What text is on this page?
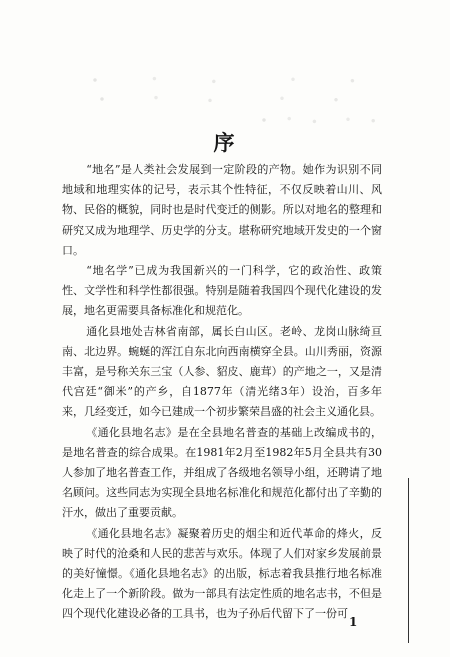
序

“地名”是人类社会发展到一定阶段的产物。她作为识别不同地域和地理实体的记号，表示其个性特征，不仅反映着山川、风物、民俗的概貌，同时也是时代变迁的侧影。所以对地名的整理和研究又成为地理学、历史学的分支。堪称研究地域开发史的一个窗口。

“地名学”已成为我国新兴的一门科学，它的政治性、政策性、文学性和科学性都很强。特别是随着我国四个现代化建设的发展，地名更需要具备标准化和规范化。

通化县地处吉林省南部，属长白山区。老岭、龙岗山脉绮亘南、北边界。蜿蜒的浑江自东北向西南横穿全县。山川秀丽，资源丰富，是号称关东三宝（人参、貂皮、鹿茸）的产地之一，又是清代宫廷“御米”的产乡，自1877年（清光绪3年）设治，百多年来，几经变迁，如今已建成一个初步繁荣昌盛的社会主义通化县。

《通化县地名志》是在全县地名普查的基础上改编成书的，是地名普查的综合成果。在1981年2月至1982年5月全县共有30人参加了地名普查工作，并组成了各级地名领导小组，还聘请了地名顾问。这些同志为实现全县地名标准化和规范化都付出了辛勤的汗水，做出了重要贡献。

《通化县地名志》凝聚着历史的烟尘和近代革命的烽火，反映了时代的沧桑和人民的悲苦与欢乐。体现了人们对家乡发展前景的美好憧憬。《通化县地名志》的出版，标志着我县推行地名标准化走上了一个新阶段。做为一部具有法定性质的地名志书，不但是四个现代化建设必备的工具书，也为子孙后代留下了一份可

1
